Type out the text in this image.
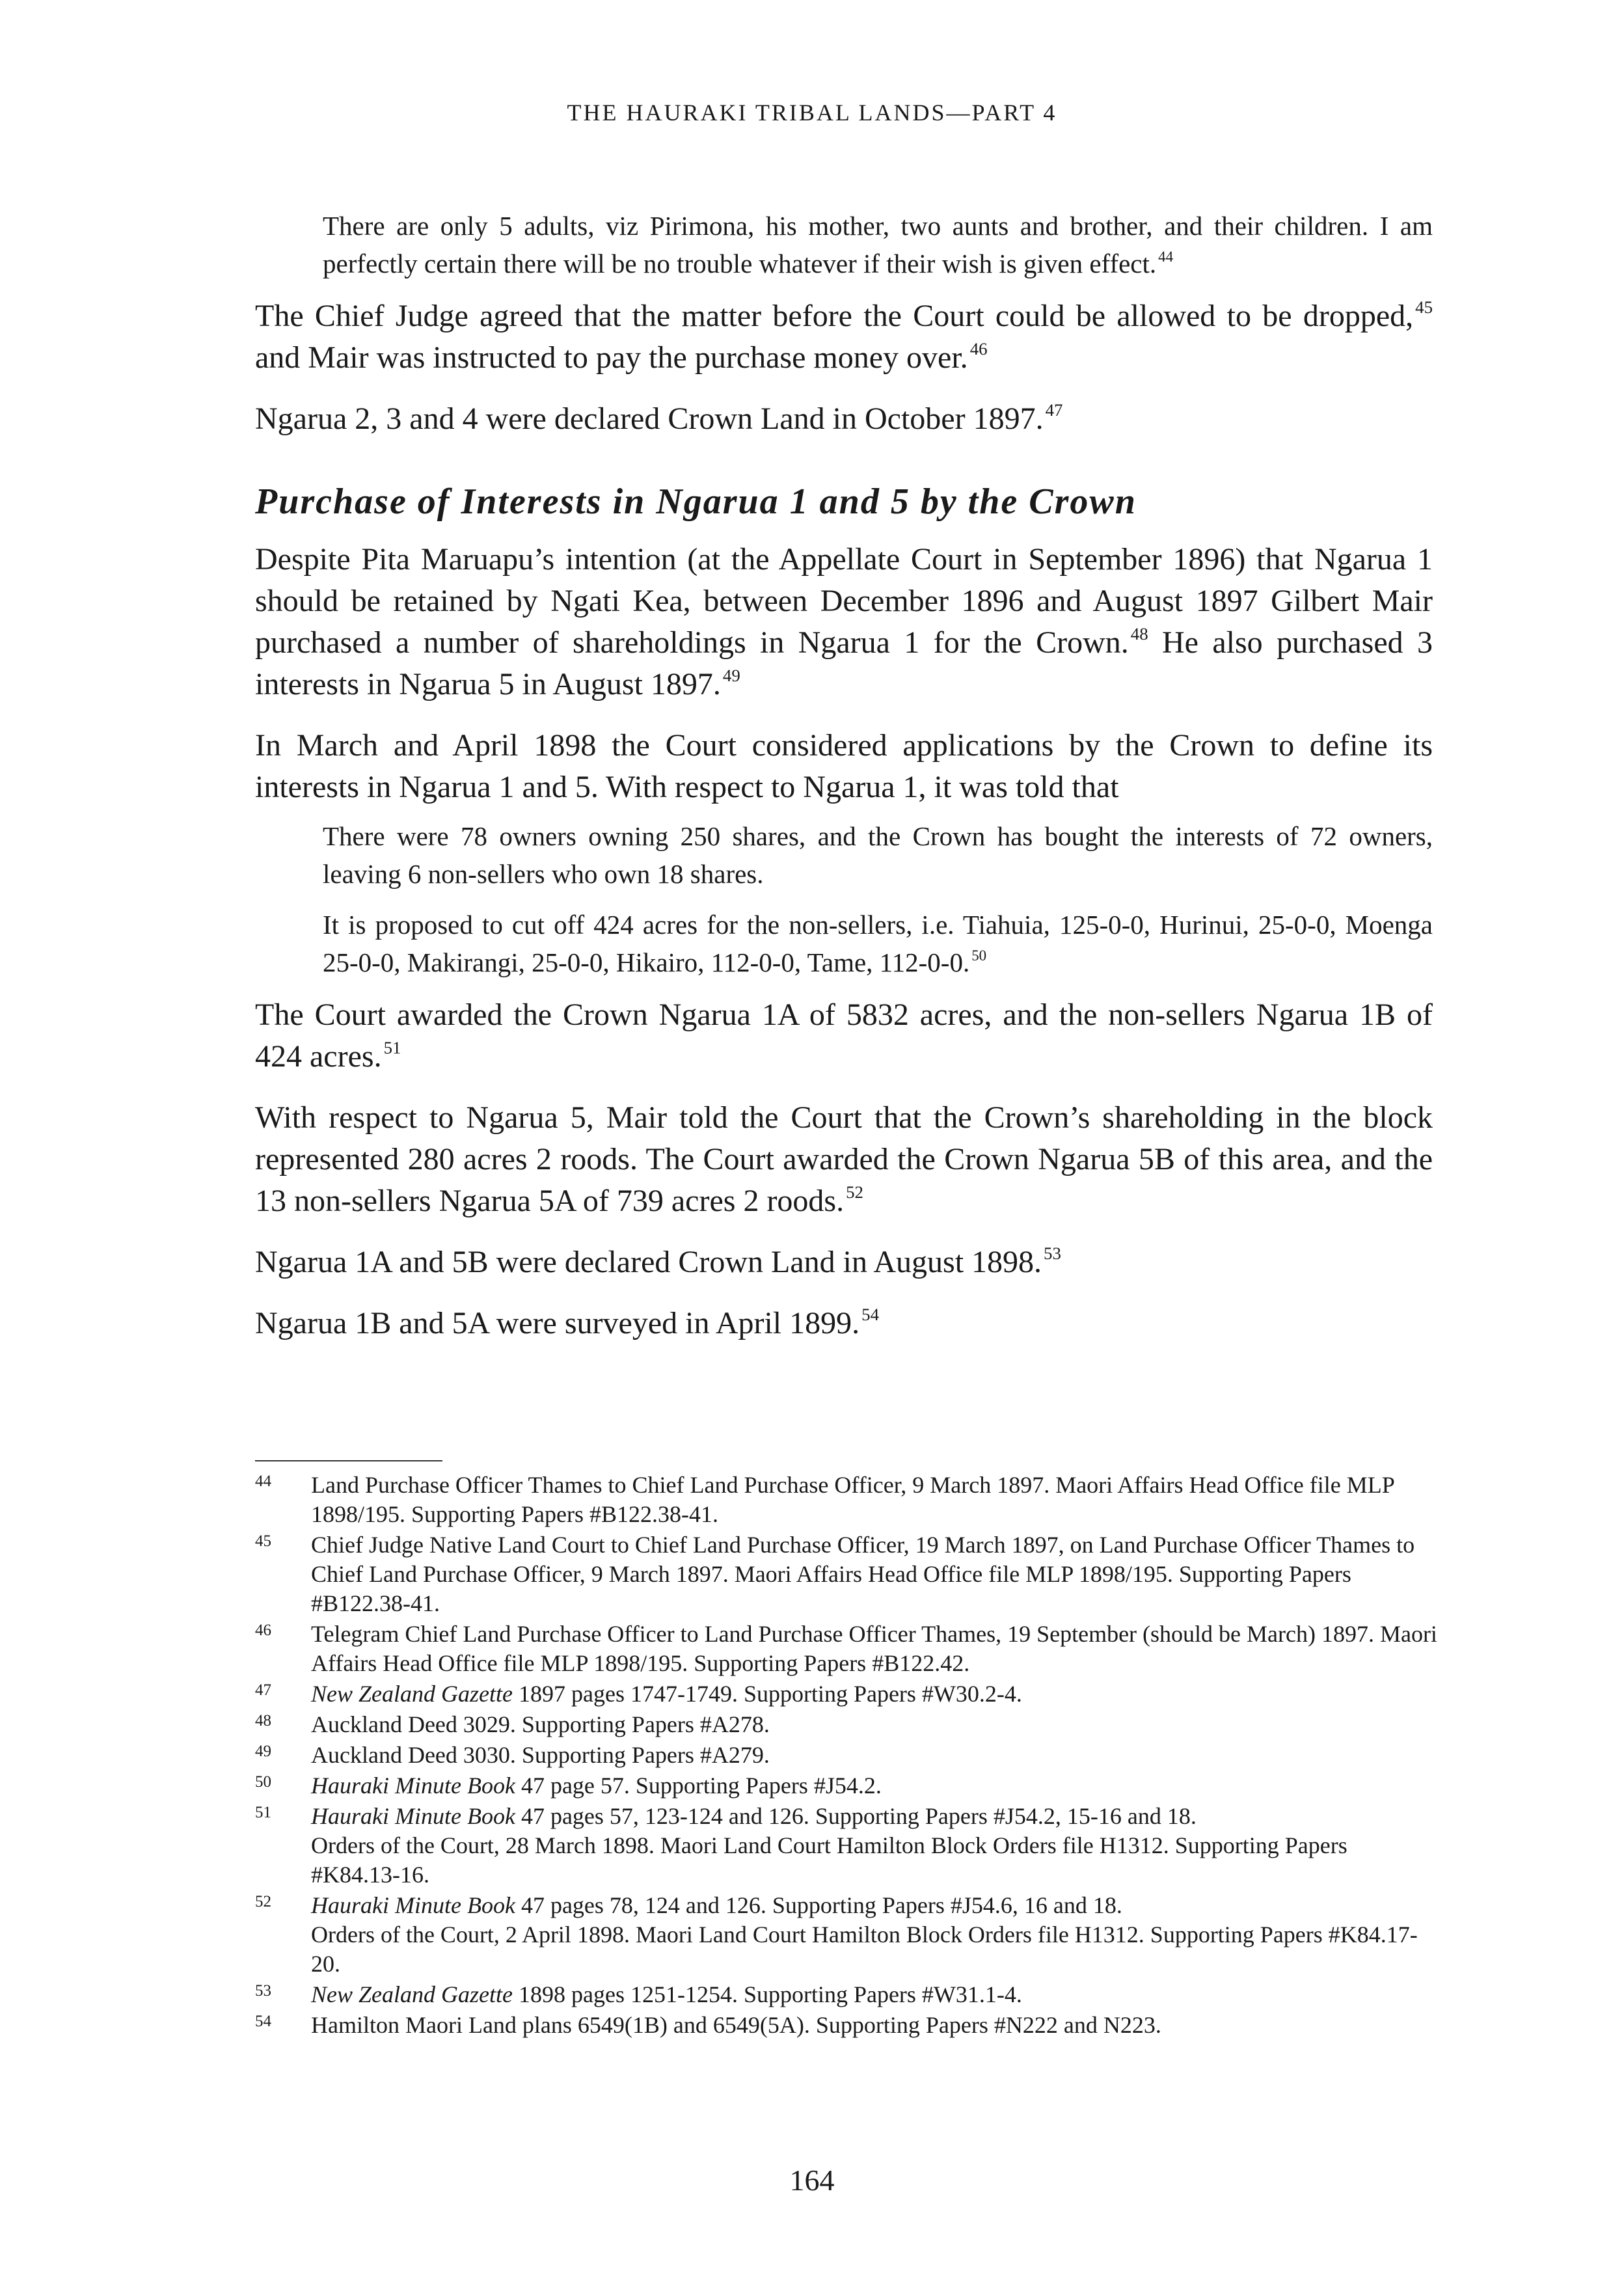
THE HAURAKI TRIBAL LANDS—PART 4

There are only 5 adults, viz Pirimona, his mother, two aunts and brother, and their children. I am perfectly certain there will be no trouble whatever if their wish is given effect. $^{44}$

The Chief Judge agreed that the matter before the Court could be allowed to be dropped, $^{45}$ and Mair was instructed to pay the purchase money over. $^{46}$

Ngarua 2, 3 and 4 were declared Crown Land in October 1897. $^{47}$

Purchase of Interests in Ngarua 1 and 5 by the Crown

Despite Pita Maruapu’s intention (at the Appellate Court in September 1896) that Ngarua 1 should be retained by Ngati Kea, between December 1896 and August 1897 Gilbert Mair purchased a number of shareholdings in Ngarua 1 for the Crown. $^{48}$ He also purchased 3 interests in Ngarua 5 in August 1897. $^{49}$

In March and April 1898 the Court considered applications by the Crown to define its interests in Ngarua 1 and 5. With respect to Ngarua 1, it was told that

There were 78 owners owning 250 shares, and the Crown has bought the interests of 72 owners, leaving 6 non-sellers who own 18 shares.

It is proposed to cut off 424 acres for the non-sellers, i.e. Tiahuia, 125-0-0, Hurinui, 25-0-0, Moenga 25-0-0, Makirangi, 25-0-0, Hikairo, 112-0-0, Tame, 112-0-0. $^{50}$

The Court awarded the Crown Ngarua 1A of 5832 acres, and the non-sellers Ngarua 1B of 424 acres. $^{51}$

With respect to Ngarua 5, Mair told the Court that the Crown’s shareholding in the block represented 280 acres 2 roods. The Court awarded the Crown Ngarua 5B of this area, and the 13 non-sellers Ngarua 5A of 739 acres 2 roods. $^{52}$

Ngarua 1A and 5B were declared Crown Land in August 1898. $^{53}$

Ngarua 1B and 5A were surveyed in April 1899. $^{54}$

44	Land Purchase Officer Thames to Chief Land Purchase Officer, 9 March 1897. Maori Affairs Head Office file MLP 1898/195. Supporting Papers #B122.38-41.
45	Chief Judge Native Land Court to Chief Land Purchase Officer, 19 March 1897, on Land Purchase Officer Thames to Chief Land Purchase Officer, 9 March 1897. Maori Affairs Head Office file MLP 1898/195. Supporting Papers #B122.38-41.
46	Telegram Chief Land Purchase Officer to Land Purchase Officer Thames, 19 September (should be March) 1897. Maori Affairs Head Office file MLP 1898/195. Supporting Papers #B122.42.
47	New Zealand Gazette 1897 pages 1747-1749. Supporting Papers #W30.2-4.
48	Auckland Deed 3029. Supporting Papers #A278.
49	Auckland Deed 3030. Supporting Papers #A279.
50	Hauraki Minute Book 47 page 57. Supporting Papers #J54.2.
51	Hauraki Minute Book 47 pages 57, 123-124 and 126. Supporting Papers #J54.2, 15-16 and 18.
Orders of the Court, 28 March 1898. Maori Land Court Hamilton Block Orders file H1312. Supporting Papers #K84.13-16.
52	Hauraki Minute Book 47 pages 78, 124 and 126. Supporting Papers #J54.6, 16 and 18.
Orders of the Court, 2 April 1898. Maori Land Court Hamilton Block Orders file H1312. Supporting Papers #K84.17-20.
53	New Zealand Gazette 1898 pages 1251-1254. Supporting Papers #W31.1-4.
54	Hamilton Maori Land plans 6549(1B) and 6549(5A). Supporting Papers #N222 and N223.

164
